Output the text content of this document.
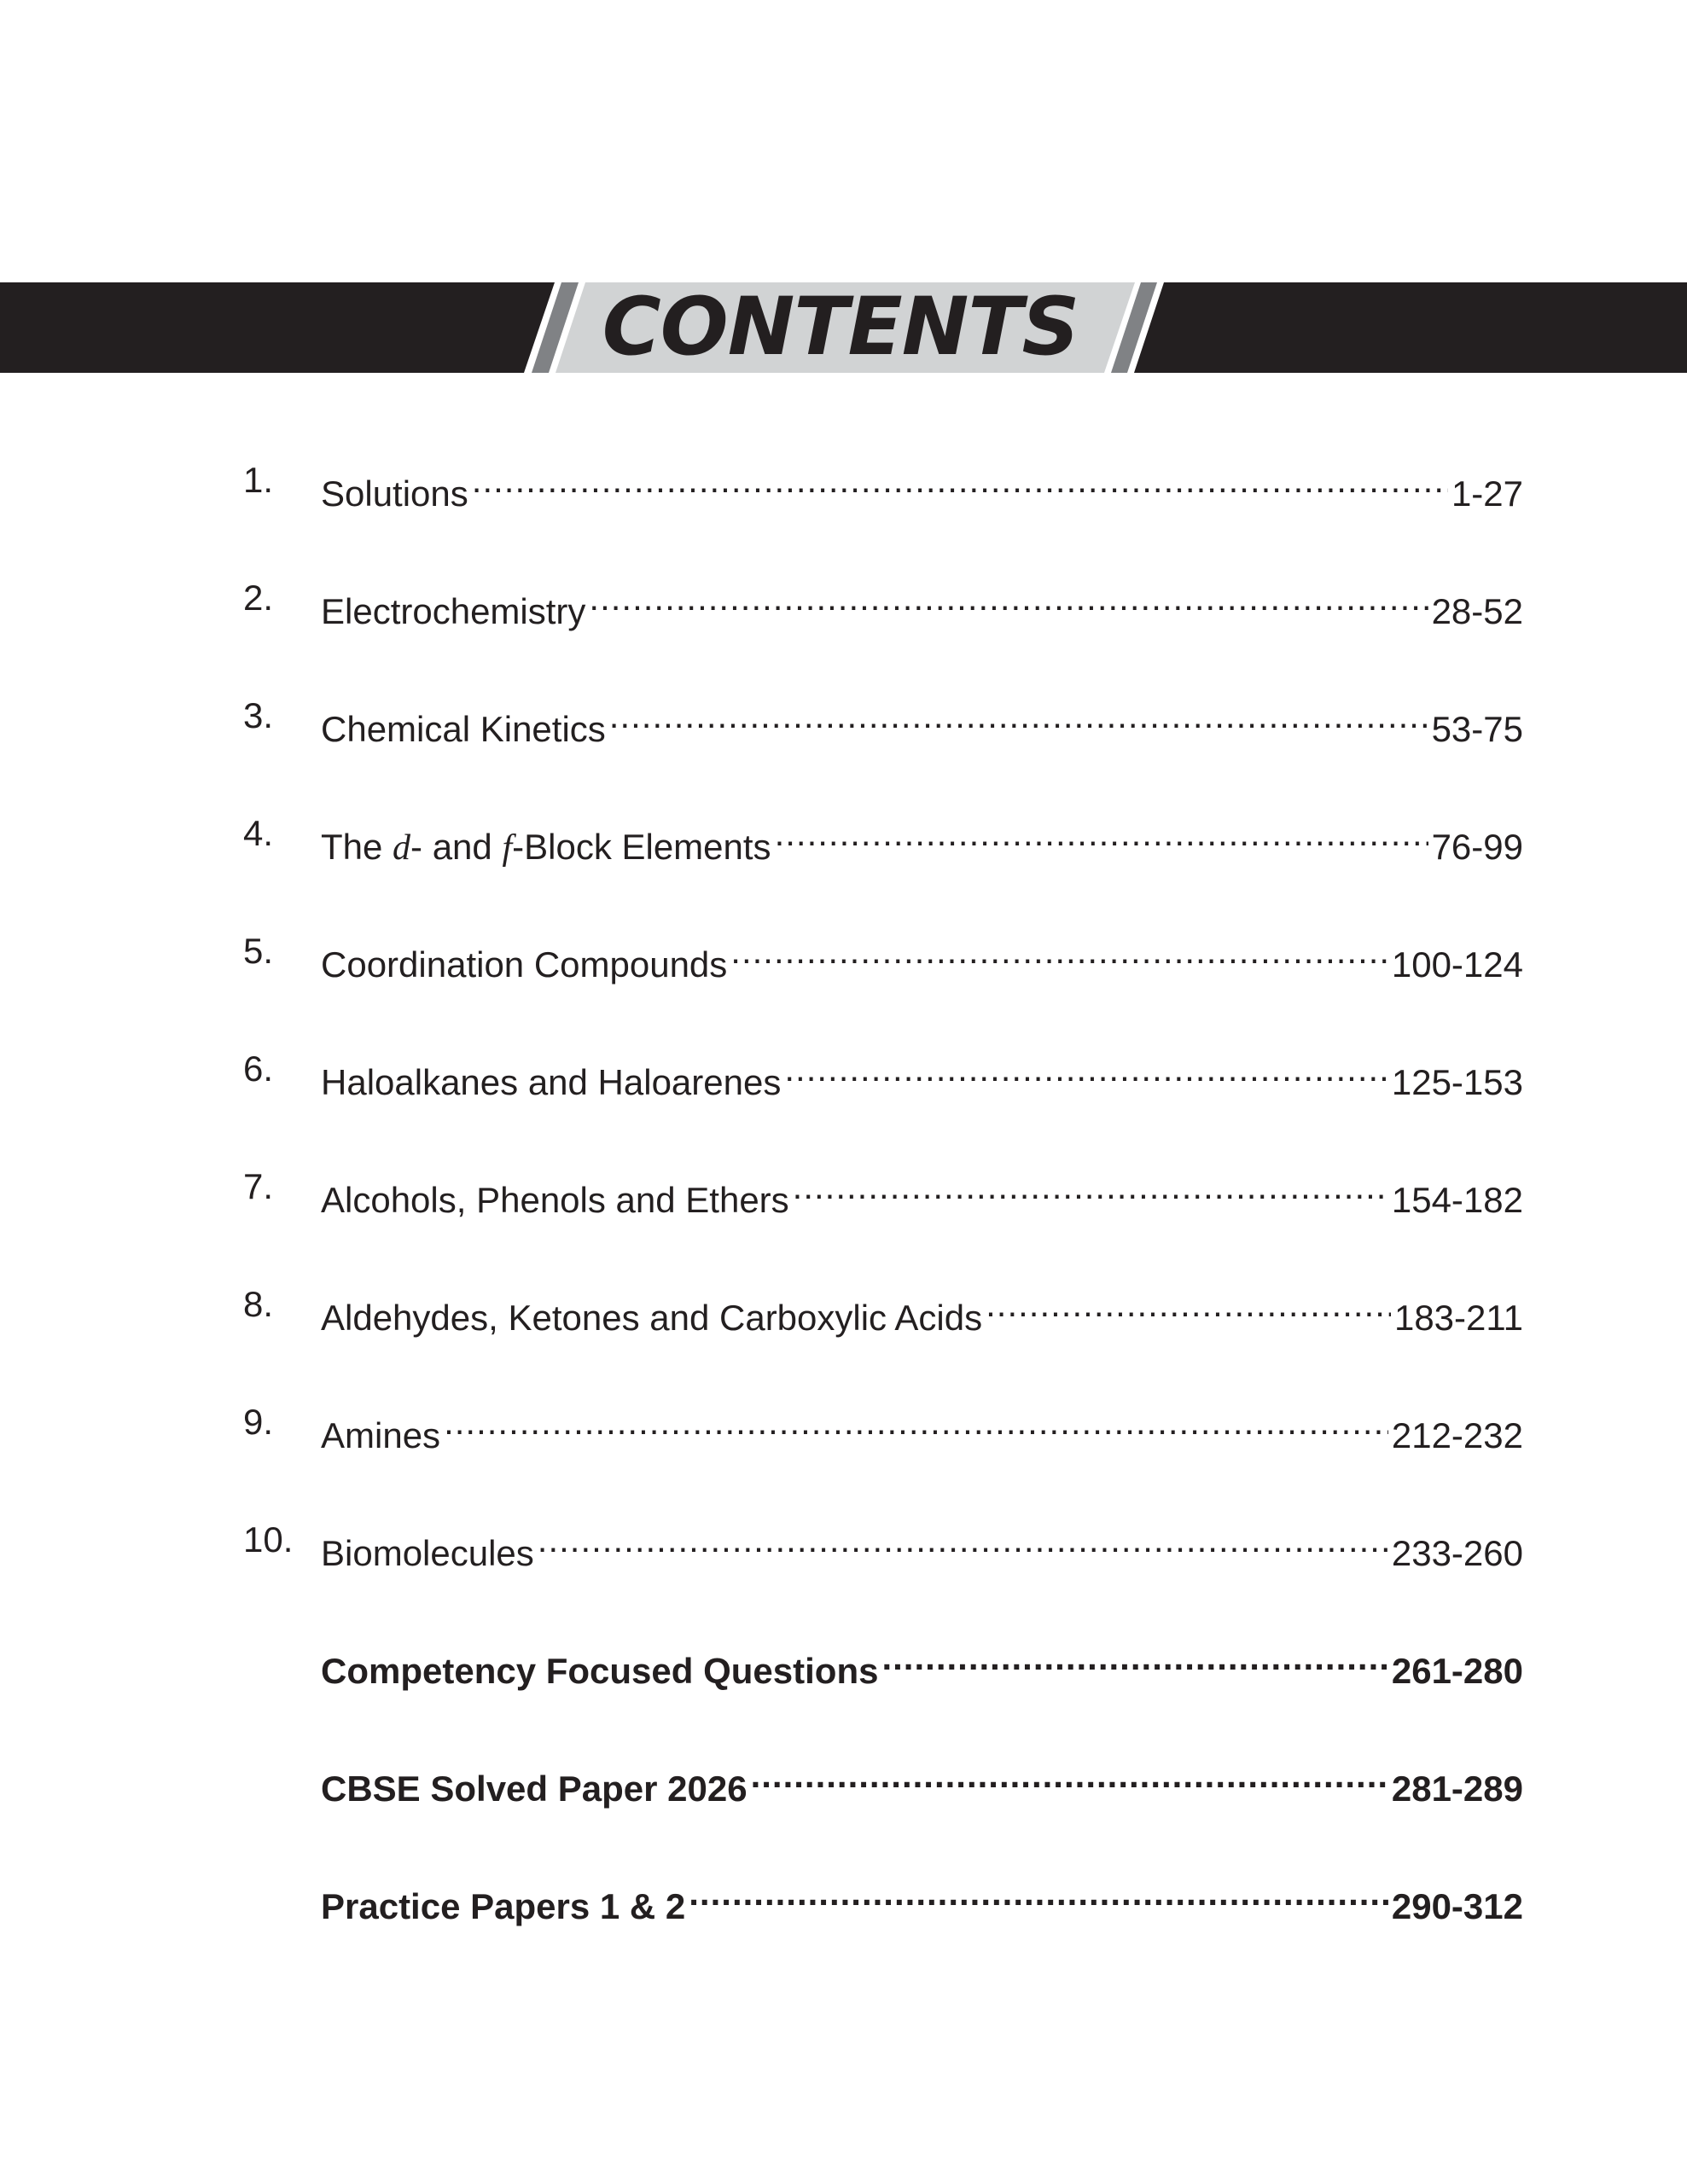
CONTENTS
1.	Solutions .....	1-27
2.	Electrochemistry .....	28-52
3.	Chemical Kinetics .....	53-75
4.	The d- and f-Block Elements .....	76-99
5.	Coordination Compounds .....	100-124
6.	Haloalkanes and Haloarenes .....	125-153
7.	Alcohols, Phenols and Ethers .....	154-182
8.	Aldehydes, Ketones and Carboxylic Acids .....	183-211
9.	Amines .....	212-232
10. Biomolecules .....	233-260
Competency Focused Questions .....	261-280
CBSE Solved Paper 2026 .....	281-289
Practice Papers 1 & 2 .....	290-312
